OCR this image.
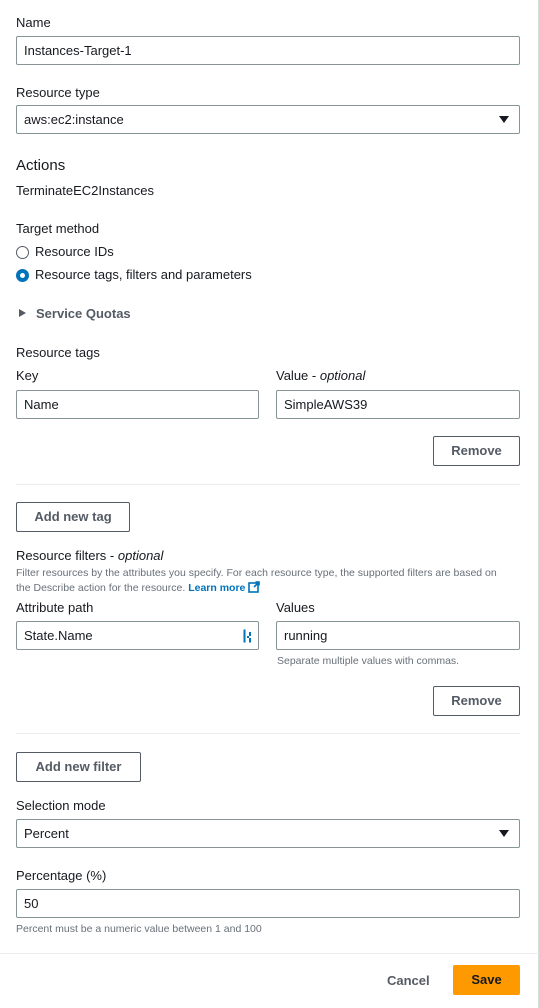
Name
Instances-Target-1
Resource type
aws:ec2:instance
Actions
TerminateEC2Instances
Target method
Resource IDs
Resource tags, filters and parameters
Service Quotas
Resource tags
Key	Value - optional
Name	SimpleAWS39
Remove
Add new tag
Resource filters - optional
Filter resources by the attributes you specify. For each resource type, the supported filters are based on
the Describe action for the resource. Learn more
Attribute path	Values
State.Name	running
Separate multiple values with commas.
Remove
Add new filter
Selection mode
Percent
Percentage (%)
50
Percent must be a numeric value between 1 and 100
Cancel	Save
